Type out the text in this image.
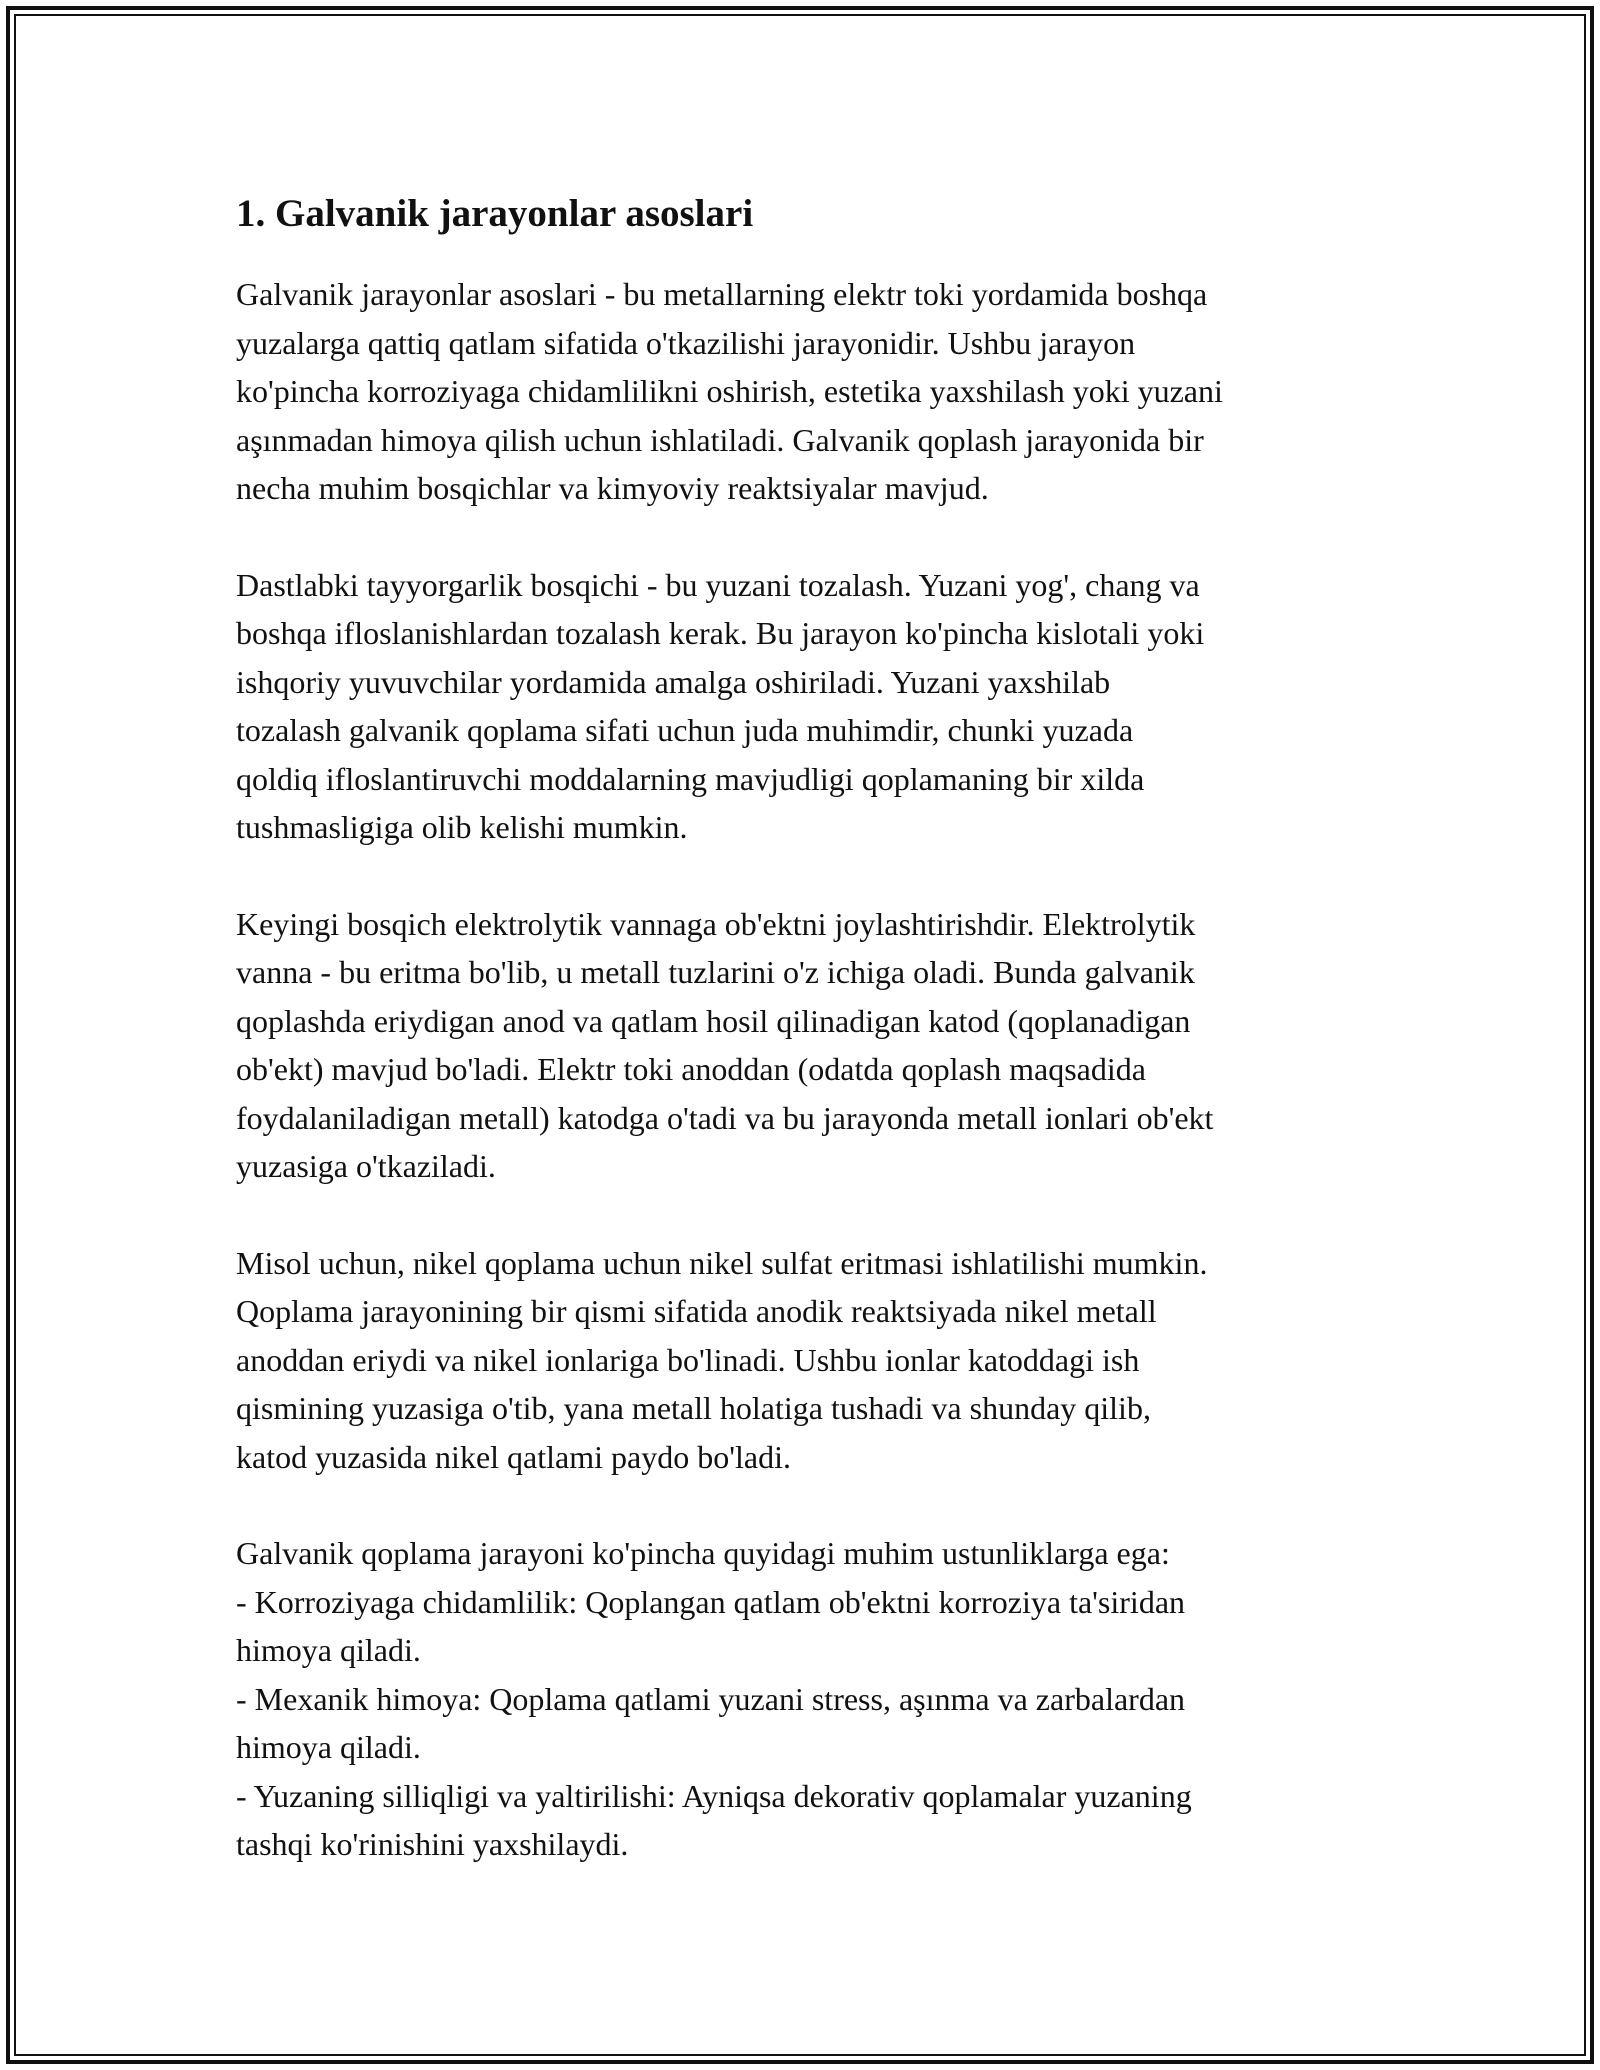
1. Galvanik jarayonlar asoslari

Galvanik jarayonlar asoslari - bu metallarning elektr toki yordamida boshqa
yuzalarga qattiq qatlam sifatida o'tkazilishi jarayonidir. Ushbu jarayon
ko'pincha korroziyaga chidamlilikni oshirish, estetika yaxshilash yoki yuzani
aşınmadan himoya qilish uchun ishlatiladi. Galvanik qoplash jarayonida bir
necha muhim bosqichlar va kimyoviy reaktsiyalar mavjud.

Dastlabki tayyorgarlik bosqichi - bu yuzani tozalash. Yuzani yog', chang va
boshqa ifloslanishlardan tozalash kerak. Bu jarayon ko'pincha kislotali yoki
ishqoriy yuvuvchilar yordamida amalga oshiriladi. Yuzani yaxshilab
tozalash galvanik qoplama sifati uchun juda muhimdir, chunki yuzada
qoldiq ifloslantiruvchi moddalarning mavjudligi qoplamaning bir xilda
tushmasligiga olib kelishi mumkin.

Keyingi bosqich elektrolytik vannaga ob'ektni joylashtirishdir. Elektrolytik
vanna - bu eritma bo'lib, u metall tuzlarini o'z ichiga oladi. Bunda galvanik
qoplashda eriydigan anod va qatlam hosil qilinadigan katod (qoplanadigan
ob'ekt) mavjud bo'ladi. Elektr toki anoddan (odatda qoplash maqsadida
foydalaniladigan metall) katodga o'tadi va bu jarayonda metall ionlari ob'ekt
yuzasiga o'tkaziladi.

Misol uchun, nikel qoplama uchun nikel sulfat eritmasi ishlatilishi mumkin.
Qoplama jarayonining bir qismi sifatida anodik reaktsiyada nikel metall
anoddan eriydi va nikel ionlariga bo'linadi. Ushbu ionlar katoddagi ish
qismining yuzasiga o'tib, yana metall holatiga tushadi va shunday qilib,
katod yuzasida nikel qatlami paydo bo'ladi.

Galvanik qoplama jarayoni ko'pincha quyidagi muhim ustunliklarga ega:
- Korroziyaga chidamlilik: Qoplangan qatlam ob'ektni korroziya ta'siridan
himoya qiladi.
- Mexanik himoya: Qoplama qatlami yuzani stress, aşınma va zarbalardan
himoya qiladi.
- Yuzaning silliqligi va yaltirilishi: Ayniqsa dekorativ qoplamalar yuzaning
tashqi ko'rinishini yaxshilaydi.
